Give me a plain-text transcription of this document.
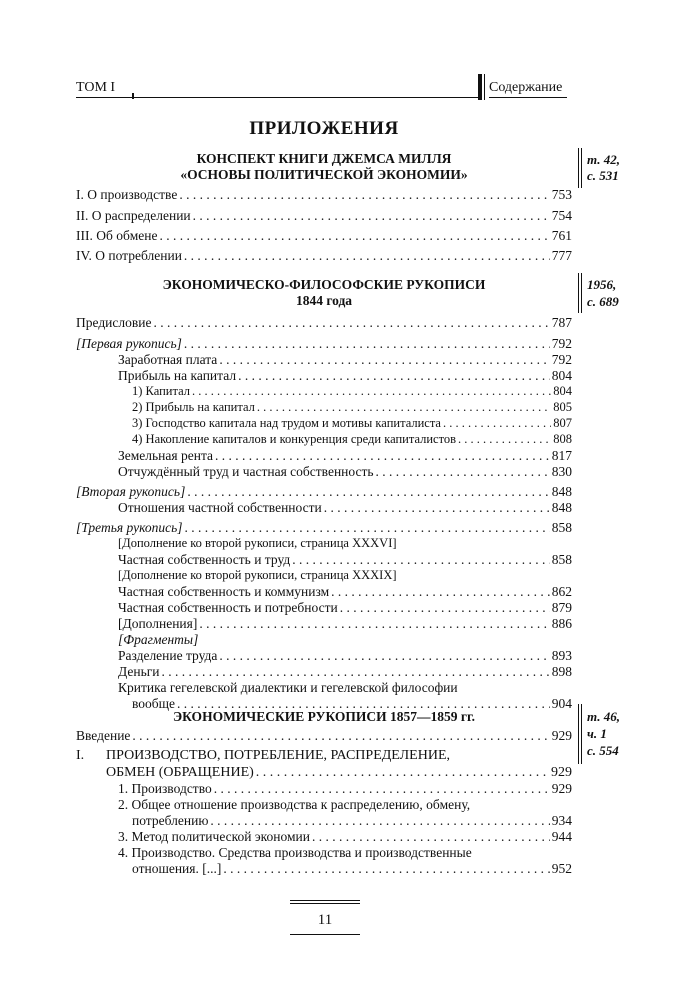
ТОМ I	Содержание
ПРИЛОЖЕНИЯ
КОНСПЕКТ КНИГИ ДЖЕМСА МИЛЛЯ
«ОСНОВЫ ПОЛИТИЧЕСКОЙ ЭКОНОМИИ»
т. 42,
с. 531
I. О производстве . . .	753
II. О распределении . . .	754
III. Об обмене . . .	761
IV. О потреблении . . .	777
ЭКОНОМИЧЕСКО-ФИЛОСОФСКИЕ РУКОПИСИ
1844 года
1956,
с. 689
Предисловие . . .	787
[Первая рукопись] . . .	792
Заработная плата . . .	792
Прибыль на капитал . . .	804
1) Капитал . . .	804
2) Прибыль на капитал . . .	805
3) Господство капитала над трудом и мотивы капиталиста . . .	807
4) Накопление капиталов и конкуренция среди капиталистов . . .	808
Земельная рента . . .	817
Отчуждённый труд и частная собственность . . .	830
[Вторая рукопись] . . .	848
Отношения частной собственности . . .	848
[Третья рукопись] . . .	858
[Дополнение ко второй рукописи, страница XXXVI]
Частная собственность и труд . . .	858
[Дополнение ко второй рукописи, страница XXXIX]
Частная собственность и коммунизм . . .	862
Частная собственность и потребности . . .	879
[Дополнения] . . .	886
[Фрагменты]
Разделение труда . . .	893
Деньги . . .	898
Критика гегелевской диалектики и гегелевской философии
вообще . . .	904
ЭКОНОМИЧЕСКИЕ РУКОПИСИ 1857—1859 гг.	т. 46,
ч. 1
с. 554
Введение . . .	929
I.	ПРОИЗВОДСТВО, ПОТРЕБЛЕНИЕ, РАСПРЕДЕЛЕНИЕ,
ОБМЕН (ОБРАЩЕНИЕ) . . .	929
1. Производство . . .	929
2. Общее отношение производства к распределению, обмену,
потреблению . . .	934
3. Метод политической экономии . . .	944
4. Производство. Средства производства и производственные
отношения. [...] . . .	952
11
